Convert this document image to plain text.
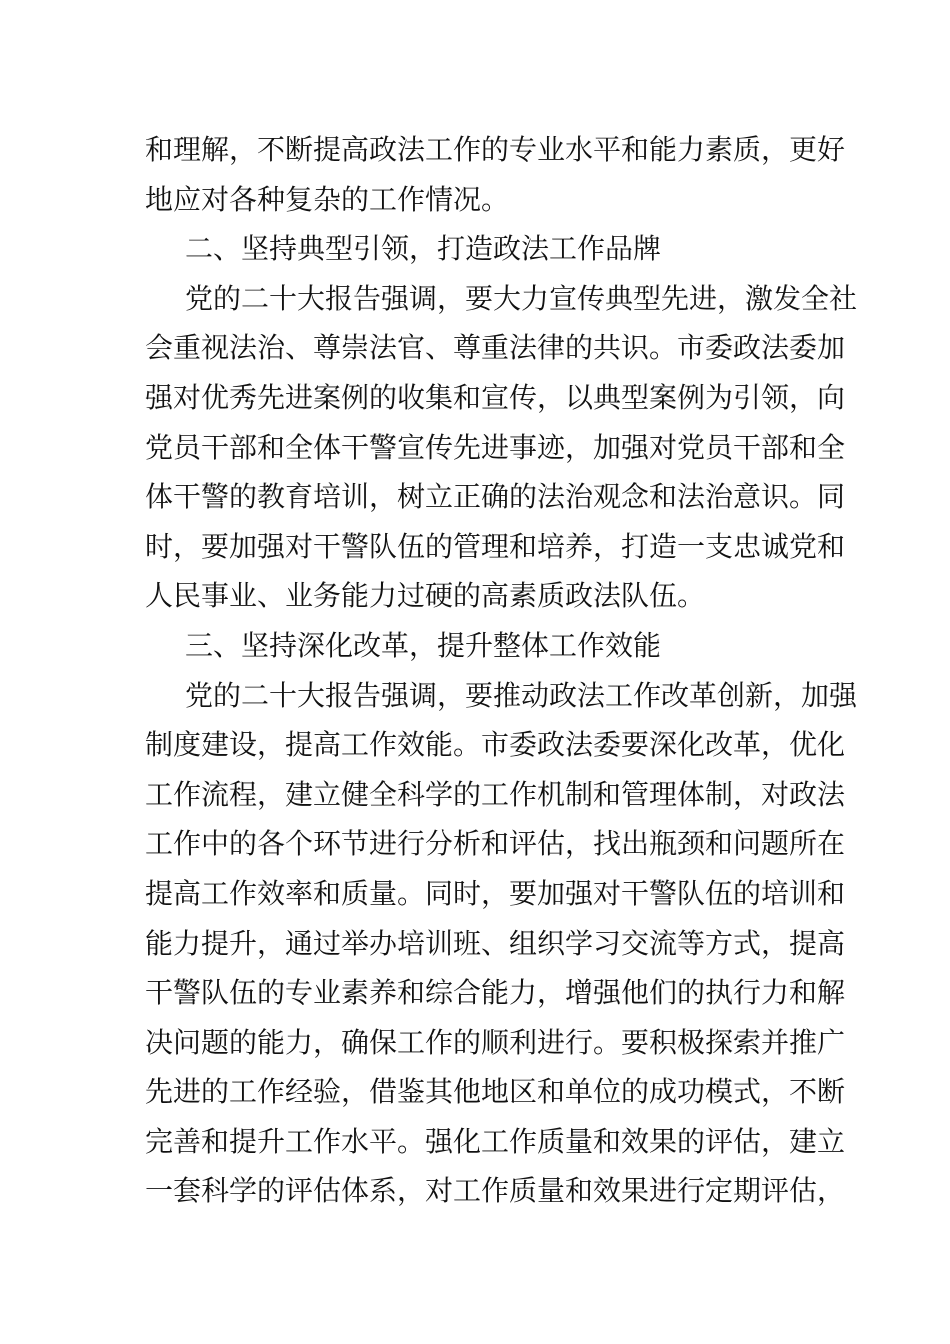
和理解，不断提高政法工作的专业水平和能力素质，更好
地应对各种复杂的工作情况。
二、坚持典型引领，打造政法工作品牌
党的二十大报告强调，要大力宣传典型先进，激发全社
会重视法治、尊崇法官、尊重法律的共识。市委政法委加
强对优秀先进案例的收集和宣传，以典型案例为引领，向
党员干部和全体干警宣传先进事迹，加强对党员干部和全
体干警的教育培训，树立正确的法治观念和法治意识。同
时，要加强对干警队伍的管理和培养，打造一支忠诚党和
人民事业、业务能力过硬的高素质政法队伍。
三、坚持深化改革，提升整体工作效能
党的二十大报告强调，要推动政法工作改革创新，加强
制度建设，提高工作效能。市委政法委要深化改革，优化
工作流程，建立健全科学的工作机制和管理体制，对政法
工作中的各个环节进行分析和评估，找出瓶颈和问题所在
提高工作效率和质量。同时，要加强对干警队伍的培训和
能力提升，通过举办培训班、组织学习交流等方式，提高
干警队伍的专业素养和综合能力，增强他们的执行力和解
决问题的能力，确保工作的顺利进行。要积极探索并推广
先进的工作经验，借鉴其他地区和单位的成功模式，不断
完善和提升工作水平。强化工作质量和效果的评估，建立
一套科学的评估体系，对工作质量和效果进行定期评估，
